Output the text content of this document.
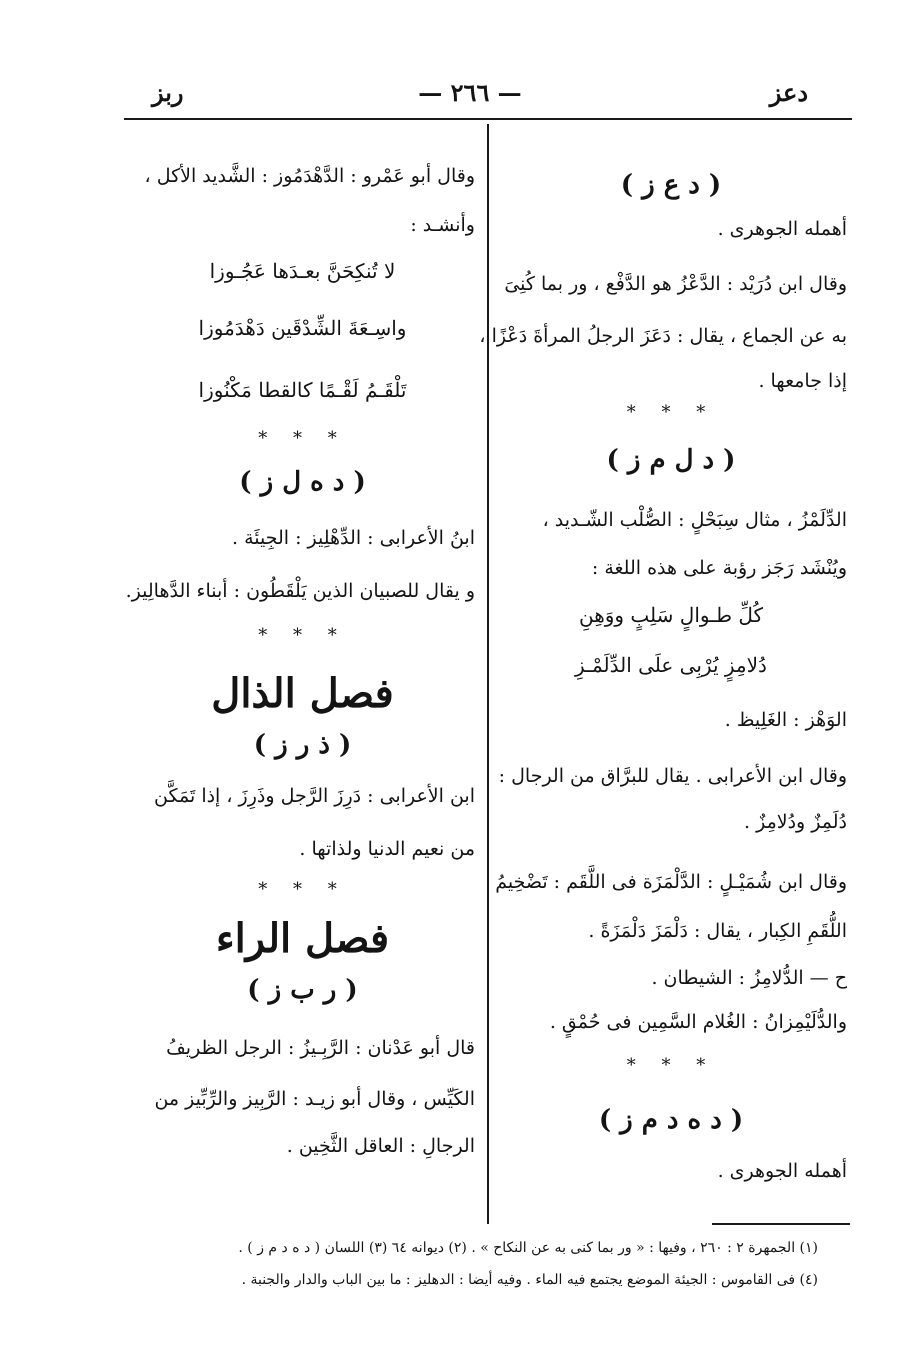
دعز
— ٢٦٦ —
ربز
( د ع ز )
أهمله الجوهرى .
وقال ابن دُرَيْد : الدَّعْزُ هو الدَّفْع ، ور بما كُنِىَ
به عن الجماع ، يقال : دَعَزَ الرجلُ المرأةَ دَعْزًا ،
إذا جامعها .
* * *
( د ل م ز )
الدِّلَمْزُ ، مثال سِبَحْلٍ : الصُّلْب الشّـديد ،
ويُنْشَد رَجَز رؤبة على هذه اللغة :
كُلِّ طـوالٍ سَلِبٍ ووَهِنِ
دُلامِزٍ يُرْبِى علَى الدِّلَمْـزِ
الوَهْز : الغَلِيظ .
وقال ابن الأعرابى . يقال للبرَّاق من الرجال :
دُلَمِزٌ ودُلامِزٌ .
وقال ابن شُمَيْـلٍ : الدَّلْمَزَة فى اللَّقَم : تَضْخِيمُ
اللُّقَمِ الكِبار ، يقال : دَلْمَزَ دَلْمَزَةً .
ح — الدُّلامِزُ : الشيطان .
والدُّلَيْمِزانُ : الغُلام السَّمِين فى حُمْقٍ .
* * *
( د ه د م ز )
أهمله الجوهرى .
وقال أبو عَمْرو : الدَّهْدَمُوز : الشَّديد الأكل ،
وأنشـد :
لا تُنكِحَنَّ بعـدَها عَجُـوزا
واسِـعَةَ الشِّدْقَين دَهْدَمُوزا
تَلْقَـمُ لَقْـمًا كالقطا مَكْنُوزا
* * *
( د ه ل ز )
ابنُ الأعرابى : الدِّهْلِيز : الجِيئَة .
و يقال للصبيان الذين يَلْقَطُون : أبناء الدَّهالِيز.
* * *
فصل الذال
( ذ ر ز )
ابن الأعرابى : دَرِزَ الرَّجل وذَرِزَ ، إذا تَمَكَّن
من نعيم الدنيا ولذاتها .
* * *
فصل الراء
( ر ب ز )
قال أبو عَدْنان : الرَّبِـيزُ : الرجل الظريفُ
الكَيِّس ، وقال أبو زيـد : الرَّبِيز والرِّبِّيز من
الرجالِ : العاقل الثَّخِين .
(١) الجمهرة ٢ : ٢٦٠ ، وفيها : « ور بما كنى به عن النكاح » . (٢) ديوانه ٦٤ (٣) اللسان ( د ه د م ز ) .
(٤) فى القاموس : الجيئة الموضع يجتمع فيه الماء . وفيه أيضا : الدهليز : ما بين الباب والدار والجنبة .
